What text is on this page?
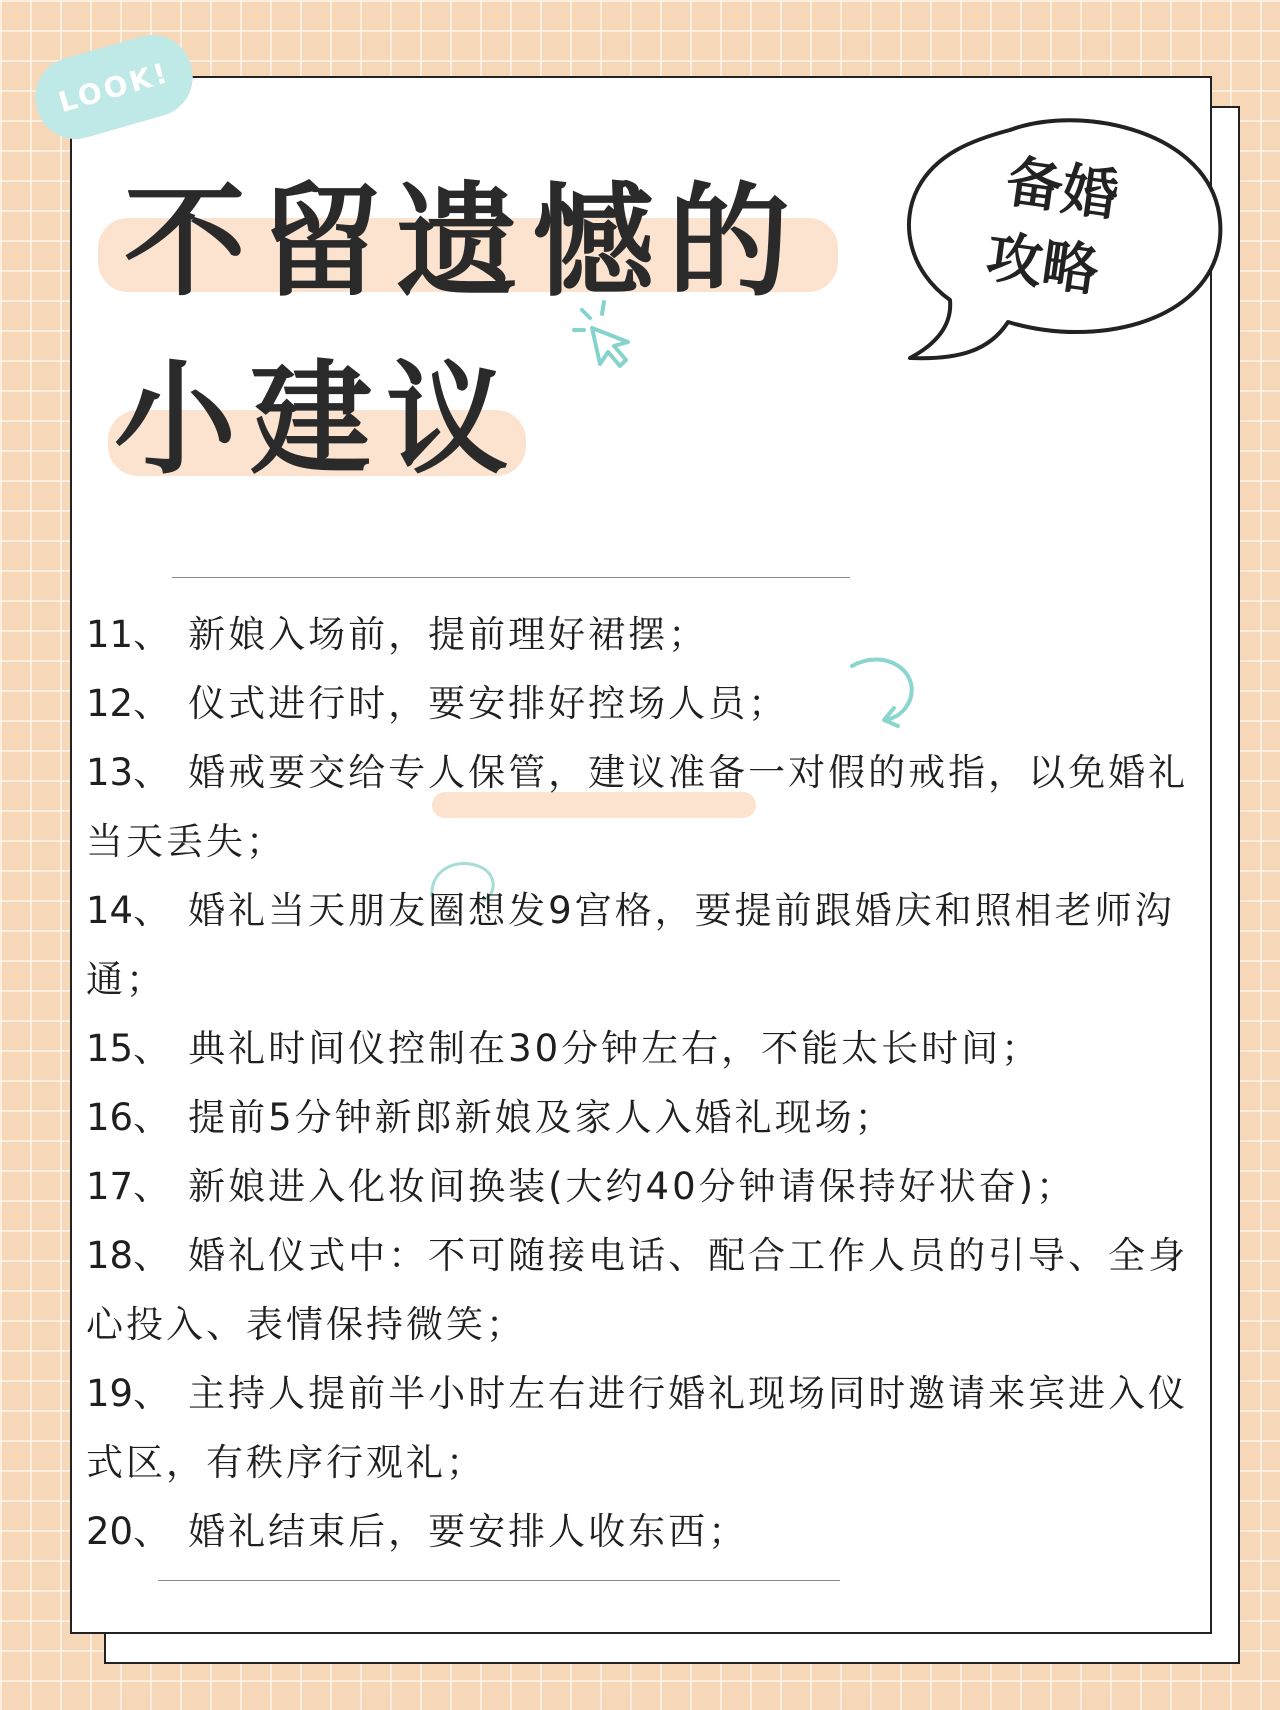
LOOK!
不留遗憾的
小建议
备婚
攻略
11、 新娘入场前，提前理好裙摆；
12、 仪式进行时，要安排好控场人员；
13、 婚戒要交给专人保管，建议准备一对假的戒指，以免婚礼当天丢失；
14、 婚礼当天朋友圈想发9宫格，要提前跟婚庆和照相老师沟通；
15、 典礼时间仪控制在30分钟左右，不能太长时间；
16、 提前5分钟新郎新娘及家人入婚礼现场；
17、 新娘进入化妆间换装(大约40分钟请保持好状奋)；
18、 婚礼仪式中：不可随接电话、配合工作人员的引导、全身心投入、表情保持微笑；
19、 主持人提前半小时左右进行婚礼现场同时邀请来宾进入仪式区，有秩序行观礼；
20、 婚礼结束后，要安排人收东西；
